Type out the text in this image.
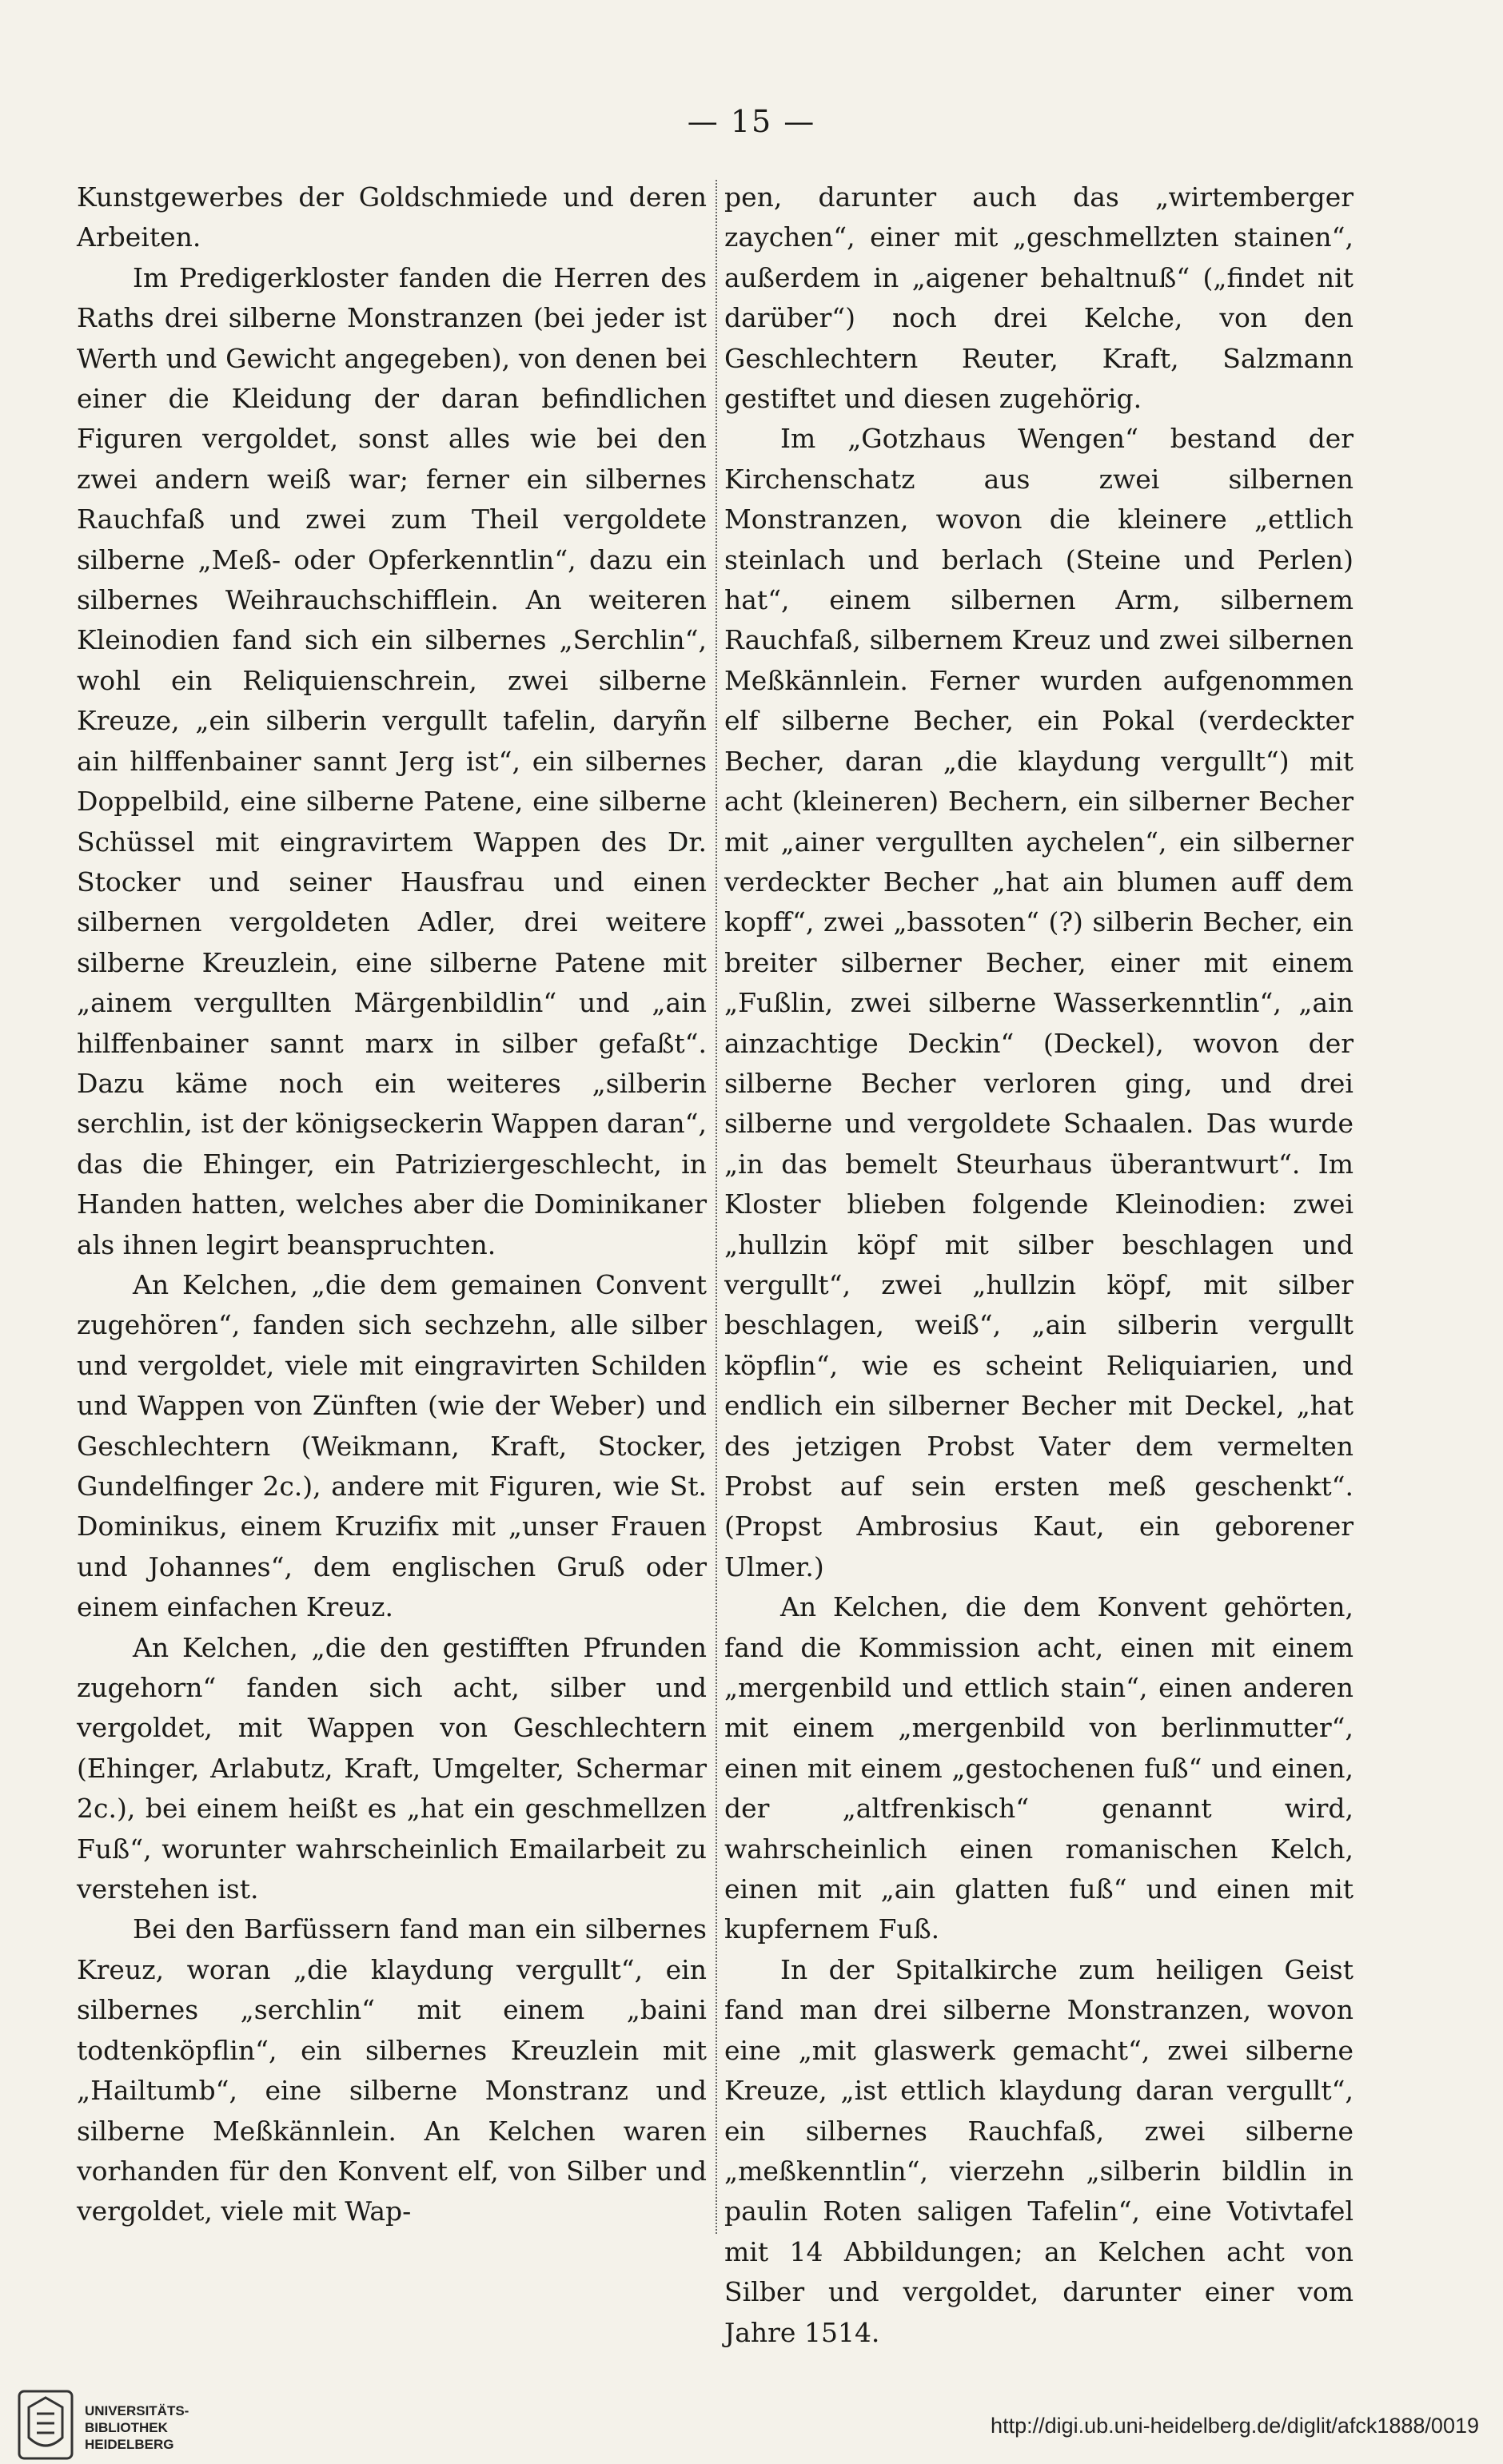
— 15 —

Kunstgewerbes der Goldschmiede und deren Arbeiten.

Im Predigerkloster fanden die Herren des Raths drei silberne Monstranzen (bei jeder ist Werth und Gewicht angegeben), von denen bei einer die Kleidung der daran befindlichen Figuren vergoldet, sonst alles wie bei den zwei andern weiß war; ferner ein silbernes Rauchfaß und zwei zum Theil vergoldete silberne „Meß- oder Opferkenntlin“, dazu ein silbernes Weihrauchschifflein. An weiteren Kleinodien fand sich ein silbernes „Serchlin“, wohl ein Reliquienschrein, zwei silberne Kreuze, „ein silberin vergullt tafelin, daryñn ain hilffenbainer sannt Jerg ist“, ein silbernes Doppelbild, eine silberne Patene, eine silberne Schüssel mit eingravirtem Wappen des Dr. Stocker und seiner Hausfrau und einen silbernen vergoldeten Adler, drei weitere silberne Kreuzlein, eine silberne Patene mit „ainem vergullten Märgenbildlin“ und „ain hilffenbainer sannt marx in silber gefaßt“. Dazu käme noch ein weiteres „silberin serchlin, ist der königseckerin Wappen daran“, das die Ehinger, ein Patriziergeschlecht, in Handen hatten, welches aber die Dominikaner als ihnen legirt beanspruchten.

An Kelchen, „die dem gemainen Convent zugehören“, fanden sich sechzehn, alle silber und vergoldet, viele mit eingravirten Schilden und Wappen von Zünften (wie der Weber) und Geschlechtern (Weikmann, Kraft, Stocker, Gundelfinger 2c.), andere mit Figuren, wie St. Dominikus, einem Kruzifix mit „unser Frauen und Johannes“, dem englischen Gruß oder einem einfachen Kreuz.

An Kelchen, „die den gestifften Pfrunden zugehorn“ fanden sich acht, silber und vergoldet, mit Wappen von Geschlechtern (Ehinger, Arlabutz, Kraft, Umgelter, Schermar 2c.), bei einem heißt es „hat ein geschmellzen Fuß“, worunter wahrscheinlich Emailarbeit zu verstehen ist.

Bei den Barfüssern fand man ein silbernes Kreuz, woran „die klaydung vergullt“, ein silbernes „serchlin“ mit einem „baini todtenköpflin“, ein silbernes Kreuzlein mit „Hailtumb“, eine silberne Monstranz und silberne Meßkännlein. An Kelchen waren vorhanden für den Konvent elf, von Silber und vergoldet, viele mit Wap-

pen, darunter auch das „wirtemberger zaychen“, einer mit „geschmellzten stainen“, außerdem in „aigener behaltnuß“ („findet nit darüber“) noch drei Kelche, von den Geschlechtern Reuter, Kraft, Salzmann gestiftet und diesen zugehörig.

Im „Gotzhaus Wengen“ bestand der Kirchenschatz aus zwei silbernen Monstranzen, wovon die kleinere „ettlich steinlach und berlach (Steine und Perlen) hat“, einem silbernen Arm, silbernem Rauchfaß, silbernem Kreuz und zwei silbernen Meßkännlein. Ferner wurden aufgenommen elf silberne Becher, ein Pokal (verdeckter Becher, daran „die klaydung vergullt“) mit acht (kleineren) Bechern, ein silberner Becher mit „ainer vergullten aychelen“, ein silberner verdeckter Becher „hat ain blumen auff dem kopff“, zwei „bassoten“ (?) silberin Becher, ein breiter silberner Becher, einer mit einem „Fußlin, zwei silberne Wasserkenntlin“, „ain ainzachtige Deckin“ (Deckel), wovon der silberne Becher verloren ging, und drei silberne und vergoldete Schaalen. Das wurde „in das bemelt Steurhaus überantwurt“. Im Kloster blieben folgende Kleinodien: zwei „hullzin köpf mit silber beschlagen und vergullt“, zwei „hullzin köpf, mit silber beschlagen, weiß“, „ain silberin vergullt köpflin“, wie es scheint Reliquiarien, und endlich ein silberner Becher mit Deckel, „hat des jetzigen Probst Vater dem vermelten Probst auf sein ersten meß geschenkt“. (Propst Ambrosius Kaut, ein geborener Ulmer.)

An Kelchen, die dem Konvent gehörten, fand die Kommission acht, einen mit einem „mergenbild und ettlich stain“, einen anderen mit einem „mergenbild von berlinmutter“, einen mit einem „gestochenen fuß“ und einen, der „altfrenkisch“ genannt wird, wahrscheinlich einen romanischen Kelch, einen mit „ain glatten fuß“ und einen mit kupfernem Fuß.

In der Spitalkirche zum heiligen Geist fand man drei silberne Monstranzen, wovon eine „mit glaswerk gemacht“, zwei silberne Kreuze, „ist ettlich klaydung daran vergullt“, ein silbernes Rauchfaß, zwei silberne „meßkenntlin“, vierzehn „silberin bildlin in paulin Roten saligen Tafelin“, eine Votivtafel mit 14 Abbildungen; an Kelchen acht von Silber und vergoldet, darunter einer vom Jahre 1514.

UNIVERSITÄTS-
BIBLIOTHEK
HEIDELBERG
http://digi.ub.uni-heidelberg.de/diglit/afck1888/0019
